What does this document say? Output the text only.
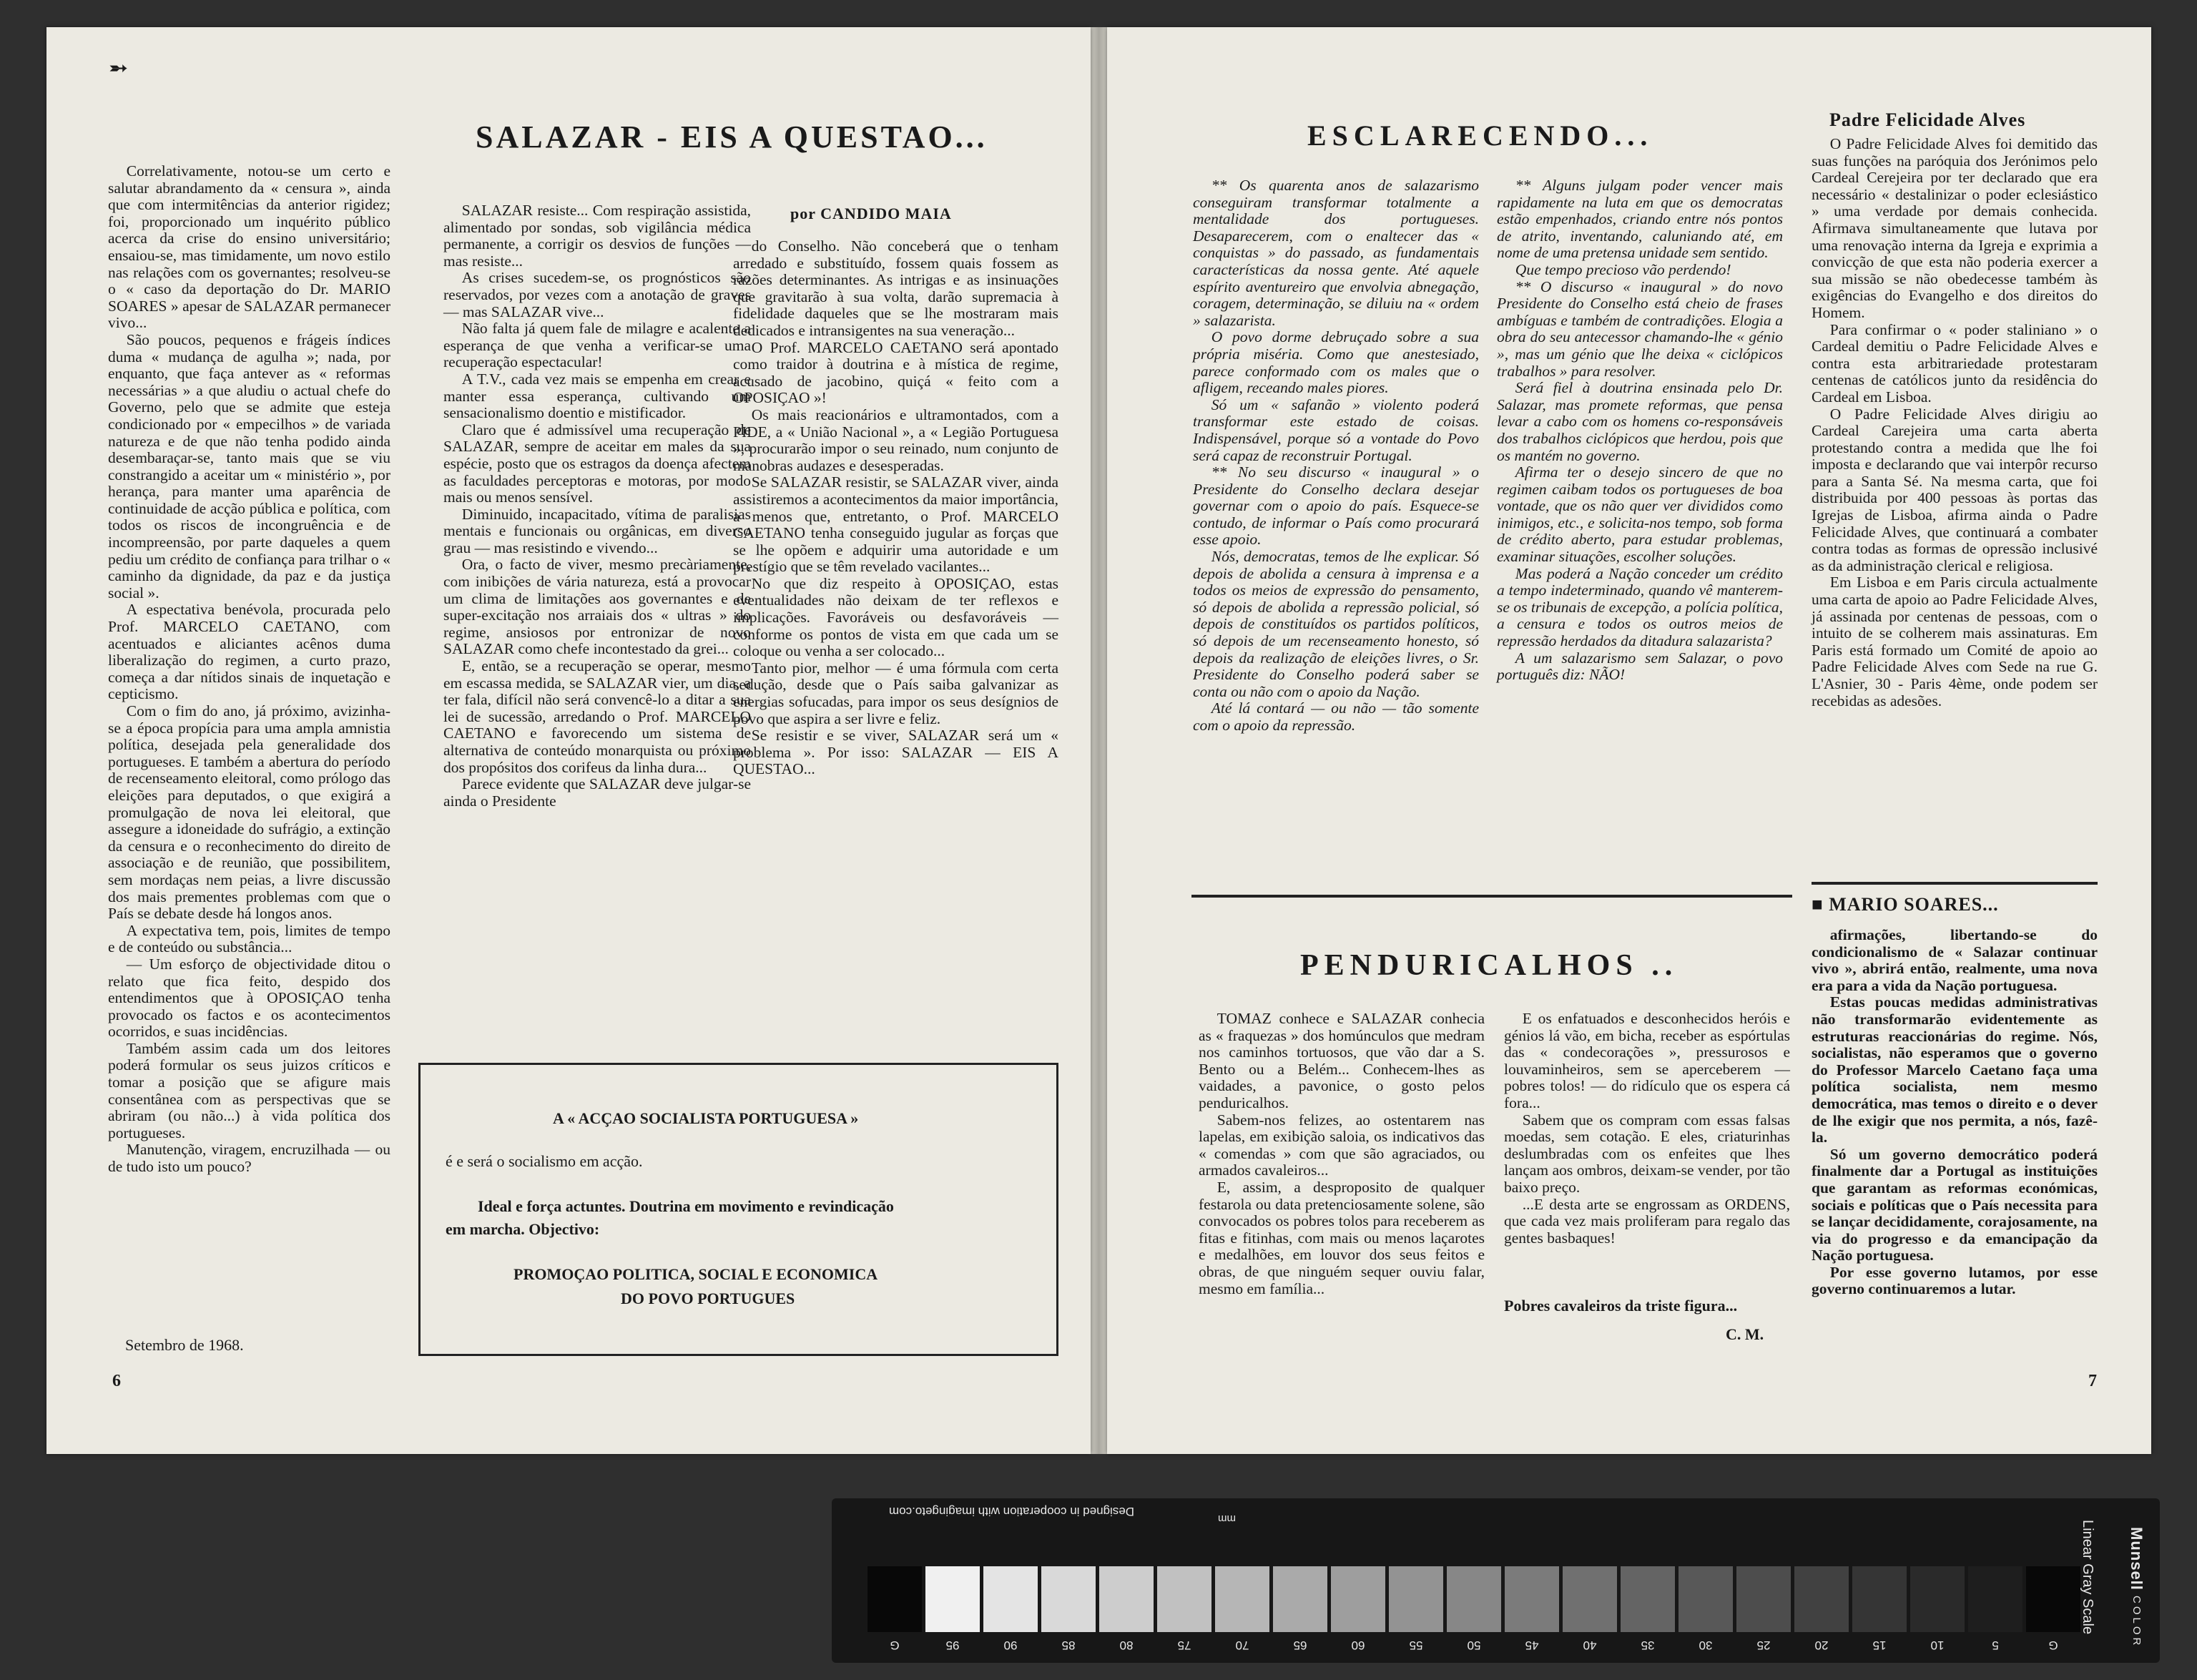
➵
SALAZAR - EIS A QUESTAO...
por CANDIDO MAIA

Correlativamente, notou-se um certo e salutar abrandamento da « censura », ainda que com intermitências da anterior rigidez; foi, proporcionado um inquérito público acerca da crise do ensino universitário; ensaiou-se, mas timidamente, um novo estilo nas relações com os governantes; resolveu-se o « caso da deportação do Dr. MARIO SOARES » apesar de SALAZAR permanecer vivo...

São poucos, pequenos e frágeis índices duma « mudança de agulha »; nada, por enquanto, que faça antever as « reformas necessárias » a que aludiu o actual chefe do Governo, pelo que se admite que esteja condicionado por « empecilhos » de variada natureza e de que não tenha podido ainda desembaraçar-se, tanto mais que se viu constrangido a aceitar um « ministério », por herança, para manter uma aparência de continuidade de acção pública e política, com todos os riscos de incongruência e de incompreensão, por parte daqueles a quem pediu um crédito de confiança para trilhar o « caminho da dignidade, da paz e da justiça social ».

A espectativa benévola, procurada pelo Prof. MARCELO CAETANO, com acentuados e aliciantes acênos duma liberalização do regimen, a curto prazo, começa a dar nítidos sinais de inquetação e cepticismo.

Com o fim do ano, já próximo, avizinha-se a época propícia para uma ampla amnistia política, desejada pela generalidade dos portugueses. E também a abertura do período de recenseamento eleitoral, como prólogo das eleições para deputados, o que exigirá a promulgação de nova lei eleitoral, que assegure a idoneidade do sufrágio, a extinção da censura e o reconhecimento do direito de associação e de reunião, que possibilitem, sem mordaças nem peias, a livre discussão dos mais prementes problemas com que o País se debate desde há longos anos.

A expectativa tem, pois, limites de tempo e de conteúdo ou substância...

— Um esforço de objectividade ditou o relato que fica feito, despido dos entendimentos que à OPOSIÇAO tenha provocado os factos e os acontecimentos ocorridos, e suas incidências.

Também assim cada um dos leitores poderá formular os seus juizos críticos e tomar a posição que se afigure mais consentânea com as perspectivas que se abriram (ou não...) à vida política dos portugueses.

Manutenção, viragem, encruzilhada — ou de tudo isto um pouco?

Setembro de 1968.

SALAZAR resiste... Com respiração assistida, alimentado por sondas, sob vigilância médica permanente, a corrigir os desvios de funções — mas resiste...

As crises sucedem-se, os prognósticos são reservados, por vezes com a anotação de graves — mas SALAZAR vive...

Não falta já quem fale de milagre e acalente a esperança de que venha a verificar-se uma recuperação espectacular!

A T.V., cada vez mais se empenha em crear e manter essa esperança, cultivando um sensacionalismo doentio e mistificador.

Claro que é admissível uma recuperação de SALAZAR, sempre de aceitar em males da sua espécie, posto que os estragos da doença afectem as faculdades perceptoras e motoras, por modo mais ou menos sensível.

Diminuido, incapacitado, vítima de paralisias mentais e funcionais ou orgânicas, em diverso grau — mas resistindo e vivendo...

Ora, o facto de viver, mesmo precàriamente, com inibições de vária natureza, está a provocar um clima de limitações aos governantes e de super-excitação nos arraiais dos « ultras » do regime, ansiosos por entronizar de novo SALAZAR como chefe incontestado da grei...

E, então, se a recuperação se operar, mesmo em escassa medida, se SALAZAR vier, um dia, a ter fala, difícil não será convencê-lo a ditar a sua lei de sucessão, arredando o Prof. MARCELO CAETANO e favorecendo um sistema de alternativa de conteúdo monarquista ou próximo dos propósitos dos corifeus da linha dura...

Parece evidente que SALAZAR deve julgar-se ainda o Presidente

do Conselho. Não conceberá que o tenham arredado e substituído, fossem quais fossem as razões determinantes. As intrigas e as insinuações que gravitarão à sua volta, darão supremacia à fidelidade daqueles que se lhe mostraram mais dedicados e intransigentes na sua veneração...

O Prof. MARCELO CAETANO será apontado como traidor à doutrina e à mística de regime, acusado de jacobino, quiçá « feito com a OPOSIÇAO »!

Os mais reacionários e ultramontados, com a PIDE, a « União Nacional », a « Legião Portuguesa », procurarão impor o seu reinado, num conjunto de manobras audazes e desesperadas.

Se SALAZAR resistir, se SALAZAR viver, ainda assistiremos a acontecimentos da maior importância, a menos que, entretanto, o Prof. MARCELO CAETANO tenha conseguido jugular as forças que se lhe opõem e adquirir uma autoridade e um prestígio que se têm revelado vacilantes...

No que diz respeito à OPOSIÇAO, estas eventualidades não deixam de ter reflexos e implicações. Favoráveis ou desfavoráveis — conforme os pontos de vista em que cada um se coloque ou venha a ser colocado...

Tanto pior, melhor — é uma fórmula com certa sedução, desde que o País saiba galvanizar as energias sofucadas, para impor os seus desígnios de povo que aspira a ser livre e feliz.

Se resistir e se viver, SALAZAR será um « problema ». Por isso: SALAZAR — EIS A QUESTAO...

A « ACÇAO SOCIALISTA PORTUGUESA »
é e será o socialismo em acção.
Ideal e força actuntes. Doutrina em movimento e revindicação
em marcha. Objectivo:
PROMOÇAO POLITICA, SOCIAL E ECONOMICA
DO POVO PORTUGUES
6
ESCLARECENDO...

** Os quarenta anos de salazarismo conseguiram transformar totalmente a mentalidade dos portugueses. Desaparecerem, com o enaltecer das « conquistas » do passado, as fundamentais características da nossa gente. Até aquele espírito aventureiro que envolvia abnegação, coragem, determinação, se diluiu na « ordem » salazarista.

O povo dorme debruçado sobre a sua própria miséria. Como que anestesiado, parece conformado com os males que o afligem, receando males piores.

Só um « safanão » violento poderá transformar este estado de coisas. Indispensável, porque só a vontade do Povo será capaz de reconstruir Portugal.

** No seu discurso « inaugural » o Presidente do Conselho declara desejar governar com o apoio do país. Esquece-se contudo, de informar o País como procurará esse apoio.

Nós, democratas, temos de lhe explicar. Só depois de abolida a censura à imprensa e a todos os meios de expressão do pensamento, só depois de abolida a repressão policial, só depois de constituídos os partidos políticos, só depois de um recenseamento honesto, só depois da realização de eleições livres, o Sr. Presidente do Conselho poderá saber se conta ou não com o apoio da Nação.

Até lá contará — ou não — tão somente com o apoio da repressão.

** Alguns julgam poder vencer mais rapidamente na luta em que os democratas estão empenhados, criando entre nós pontos de atrito, inventando, caluniando até, em nome de uma pretensa unidade sem sentido.

Que tempo precioso vão perdendo!

** O discurso « inaugural » do novo Presidente do Conselho está cheio de frases ambíguas e também de contradições. Elogia a obra do seu antecessor chamando-lhe « génio », mas um génio que lhe deixa « ciclópicos trabalhos » para resolver.

Será fiel à doutrina ensinada pelo Dr. Salazar, mas promete reformas, que pensa levar a cabo com os homens co-responsáveis dos trabalhos ciclópicos que herdou, pois que os mantém no governo.

Afirma ter o desejo sincero de que no regimen caibam todos os portugueses de boa vontade, que os não quer ver divididos como inimigos, etc., e solicita-nos tempo, sob forma de crédito aberto, para estudar problemas, examinar situações, escolher soluções.

Mas poderá a Nação conceder um crédito a tempo indeterminado, quando vê manterem-se os tribunais de excepção, a polícia política, a censura e todos os outros meios de repressão herdados da ditadura salazarista?

A um salazarismo sem Salazar, o povo português diz: NÃO!

Padre Felicidade Alves

O Padre Felicidade Alves foi demitido das suas funções na paróquia dos Jerónimos pelo Cardeal Cerejeira por ter declarado que era necessário « destalinizar o poder eclesiástico » uma verdade por demais conhecida. Afirmava simultaneamente que lutava por uma renovação interna da Igreja e exprimia a convicção de que esta não poderia exercer a sua missão se não obedecesse também às exigências do Evangelho e dos direitos do Homem.

Para confirmar o « poder staliniano » o Cardeal demitiu o Padre Felicidade Alves e contra esta arbitrariedade protestaram centenas de católicos junto da residência do Cardeal em Lisboa.

O Padre Felicidade Alves dirigiu ao Cardeal Carejeira uma carta aberta protestando contra a medida que lhe foi imposta e declarando que vai interpôr recurso para a Santa Sé. Na mesma carta, que foi distribuida por 400 pessoas às portas das Igrejas de Lisboa, afirma ainda o Padre Felicidade Alves, que continuará a combater contra todas as formas de opressão inclusivé as da administração clerical e religiosa.

Em Lisboa e em Paris circula actualmente uma carta de apoio ao Padre Felicidade Alves, já assinada por centenas de pessoas, com o intuito de se colherem mais assinaturas. Em Paris está formado um Comité de apoio ao Padre Felicidade Alves com Sede na rue G. L'Asnier, 30 - Paris 4ème, onde podem ser recebidas as adesões.

■ MARIO SOARES...

afirmações, libertando-se do condicionalismo de « Salazar continuar vivo », abrirá então, realmente, uma nova era para a vida da Nação portuguesa.

Estas poucas medidas administrativas não transformarão evidentemente as estruturas reaccionárias do regime. Nós, socialistas, não esperamos que o governo do Professor Marcelo Caetano faça uma política socialista, nem mesmo democrática, mas temos o direito e o dever de lhe exigir que nos permita, a nós, fazê-la.

Só um governo democrático poderá finalmente dar a Portugal as instituições que garantam as reformas económicas, sociais e políticas que o País necessita para se lançar decididamente, corajosamente, na via do progresso e da emancipação da Nação portuguesa.

Por esse governo lutamos, por esse governo continuaremos a lutar.

PENDURICALHOS ..

TOMAZ conhece e SALAZAR conhecia as « fraquezas » dos homúnculos que medram nos caminhos tortuosos, que vão dar a S. Bento ou a Belém... Conhecem-lhes as vaidades, a pavonice, o gosto pelos penduricalhos.

Sabem-nos felizes, ao ostentarem nas lapelas, em exibição saloia, os indicativos das « comendas » com que são agraciados, ou armados cavaleiros...

E, assim, a desproposito de qualquer festarola ou data pretenciosamente solene, são convocados os pobres tolos para receberem as fitas e fitinhas, com mais ou menos laçarotes e medalhões, em louvor dos seus feitos e obras, de que ninguém sequer ouviu falar, mesmo em família...

E os enfatuados e desconhecidos heróis e génios lá vão, em bicha, receber as espórtulas das « condecorações », pressurosos e louvaminheiros, sem se aperceberem — pobres tolos! — do ridículo que os espera cá fora...

Sabem que os compram com essas falsas moedas, sem cotação. E eles, criaturinhas deslumbradas com os enfeites que lhes lançam aos ombros, deixam-se vender, por tão baixo preço.

...E desta arte se engrossam as ORDENS, que cada vez mais proliferam para regalo das gentes basbaques!

Pobres cavaleiros da triste figura...
C. M.
7
Designed in cooperation with imagingeto.com
mm
G	95	90	85	80	75	70	65	60	55	50	45	40	35	30	25	20	15	10	5	G
Linear Gray Scale Munsell COLOR
